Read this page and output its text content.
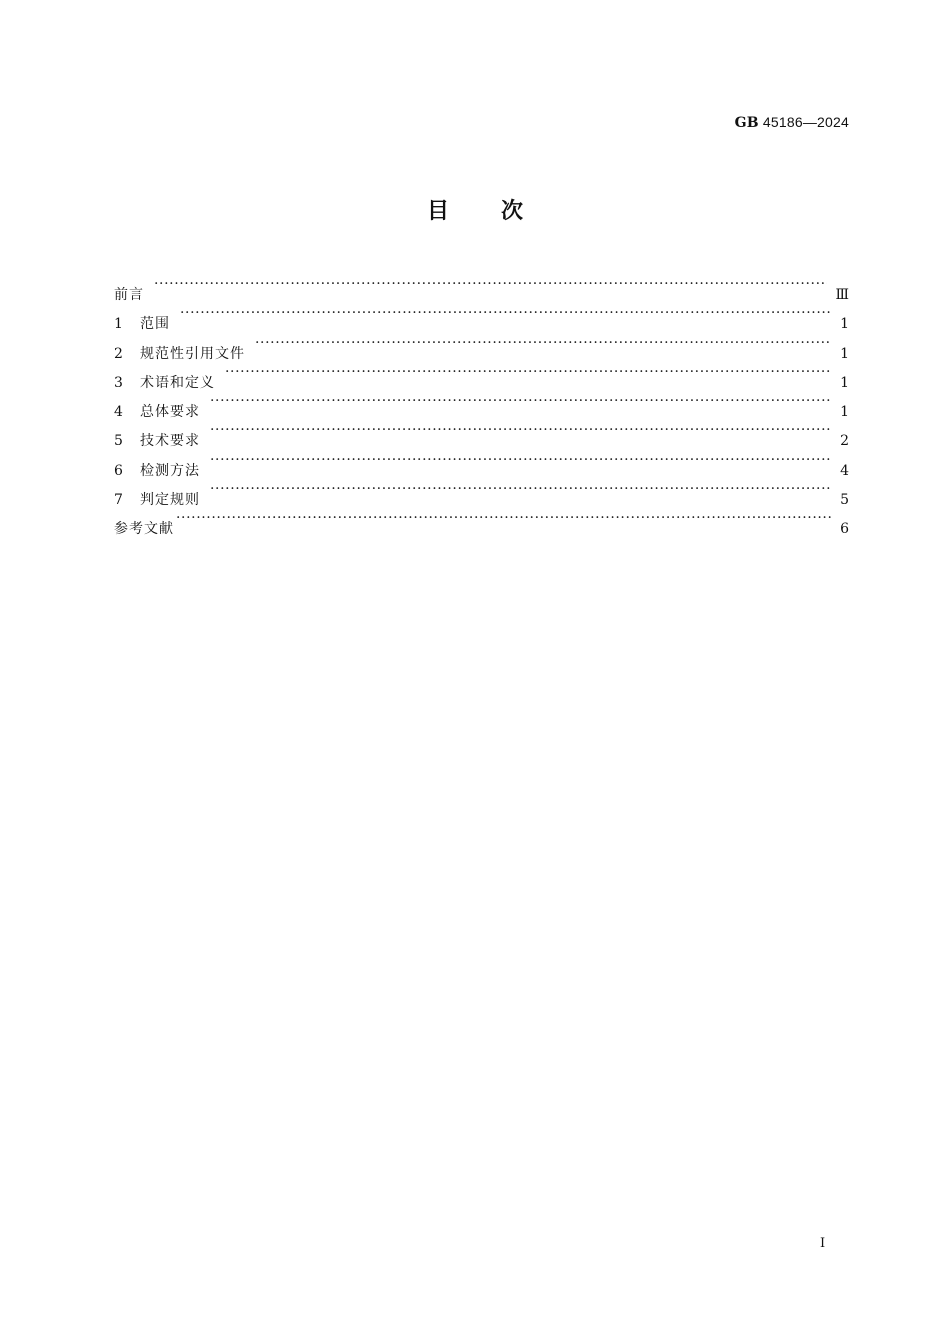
GB 45186—2024
目 次
前言 ·····	Ⅲ
1	范围 ·····	1
2	规范性引用文件 ·····	1
3	术语和定义 ·····	1
4	总体要求 ·····	1
5	技术要求 ·····	2
6	检测方法 ·····	4
7	判定规则 ·····	5
参考文献 ·····	6
Ⅰ
